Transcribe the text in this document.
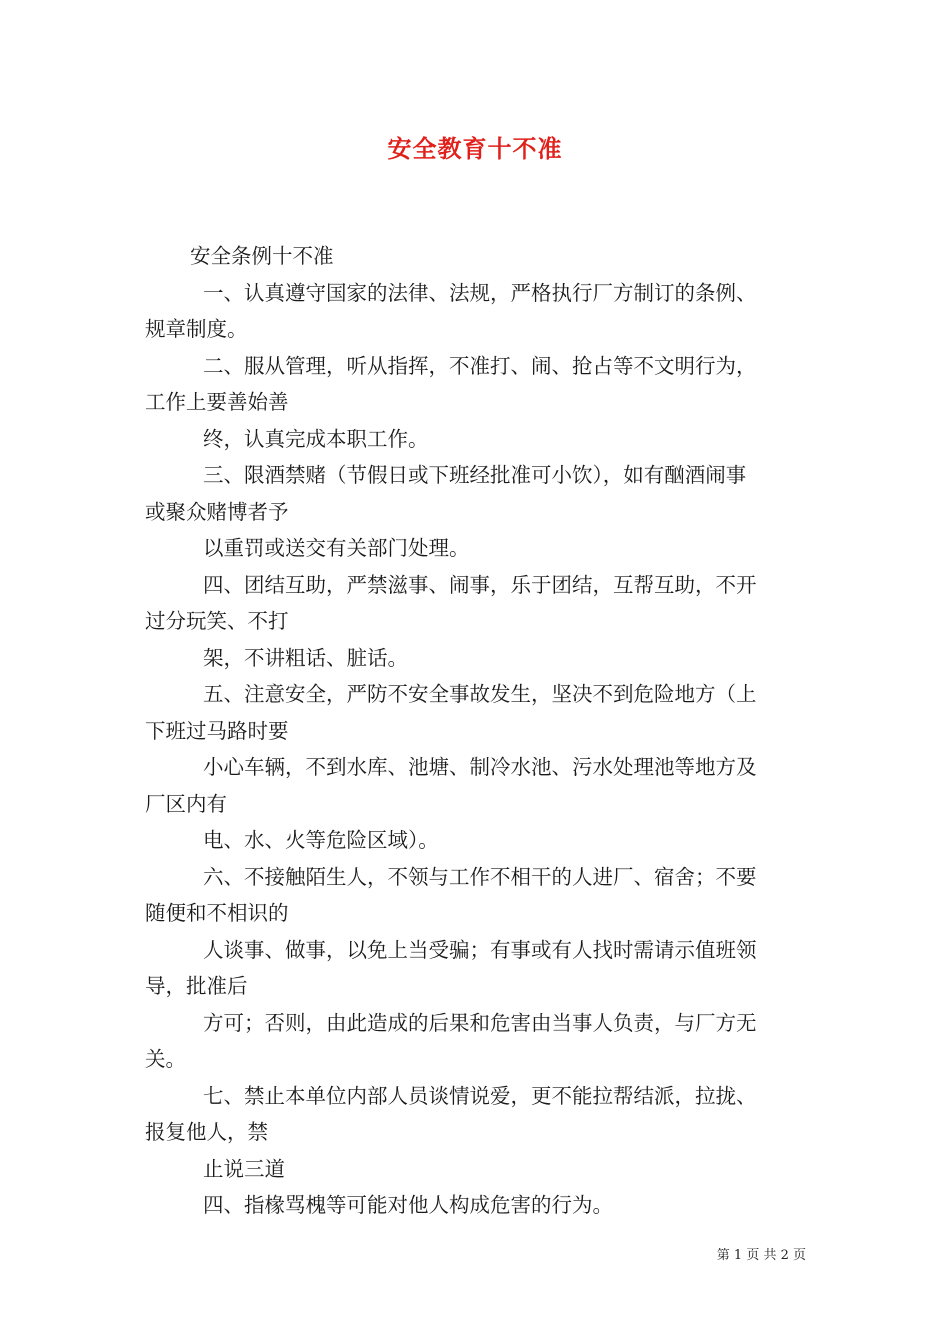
安全教育十不准

安全条例十不准

一、认真遵守国家的法律、法规，严格执行厂方制订的条例、

规章制度。

二、服从管理，听从指挥，不准打、闹、抢占等不文明行为，

工作上要善始善

终，认真完成本职工作。

三、限酒禁赌（节假日或下班经批准可小饮），如有酗酒闹事

或聚众赌博者予

以重罚或送交有关部门处理。

四、团结互助，严禁滋事、闹事，乐于团结，互帮互助，不开

过分玩笑、不打

架，不讲粗话、脏话。

五、注意安全，严防不安全事故发生，坚决不到危险地方（上

下班过马路时要

小心车辆，不到水库、池塘、制冷水池、污水处理池等地方及

厂区内有

电、水、火等危险区域）。

六、不接触陌生人，不领与工作不相干的人进厂、宿舍；不要

随便和不相识的

人谈事、做事，以免上当受骗；有事或有人找时需请示值班领

导，批准后

方可；否则，由此造成的后果和危害由当事人负责，与厂方无

关。

七、禁止本单位内部人员谈情说爱，更不能拉帮结派，拉拢、

报复他人，禁

止说三道

四、指椽骂槐等可能对他人构成危害的行为。

第 1 页 共 2 页
